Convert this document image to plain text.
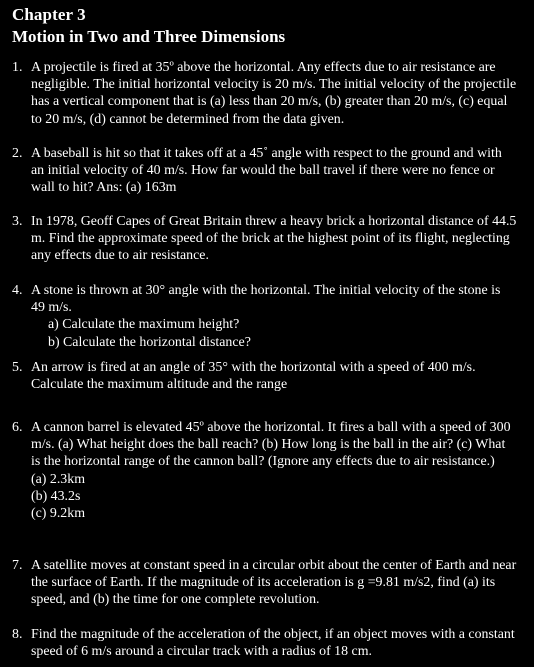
Chapter 3
Motion in Two and Three Dimensions
1. A projectile is fired at 35º above the horizontal. Any effects due to air resistance are negligible. The initial horizontal velocity is 20 m/s. The initial velocity of the projectile has a vertical component that is (a) less than 20 m/s, (b) greater than 20 m/s, (c) equal to 20 m/s, (d) cannot be determined from the data given.
2. A baseball is hit so that it takes off at a 45˚ angle with respect to the ground and with an initial velocity of 40 m/s. How far would the ball travel if there were no fence or wall to hit? Ans: (a) 163m
3. In 1978, Geoff Capes of Great Britain threw a heavy brick a horizontal distance of 44.5 m. Find the approximate speed of the brick at the highest point of its flight, neglecting any effects due to air resistance.
4. A stone is thrown at 30° angle with the horizontal. The initial velocity of the stone is 49 m/s.
a) Calculate the maximum height?
b) Calculate the horizontal distance?
5. An arrow is fired at an angle of 35° with the horizontal with a speed of 400 m/s. Calculate the maximum altitude and the range
6. A cannon barrel is elevated 45º above the horizontal. It fires a ball with a speed of 300 m/s. (a) What height does the ball reach? (b) How long is the ball in the air? (c) What is the horizontal range of the cannon ball? (Ignore any effects due to air resistance.)
(a) 2.3km
(b) 43.2s
(c) 9.2km
7. A satellite moves at constant speed in a circular orbit about the center of Earth and near the surface of Earth. If the magnitude of its acceleration is g =9.81 m/s2, find (a) its speed, and (b) the time for one complete revolution.
8. Find the magnitude of the acceleration of the object, if an object moves with a constant speed of 6 m/s around a circular track with a radius of 18 cm.
